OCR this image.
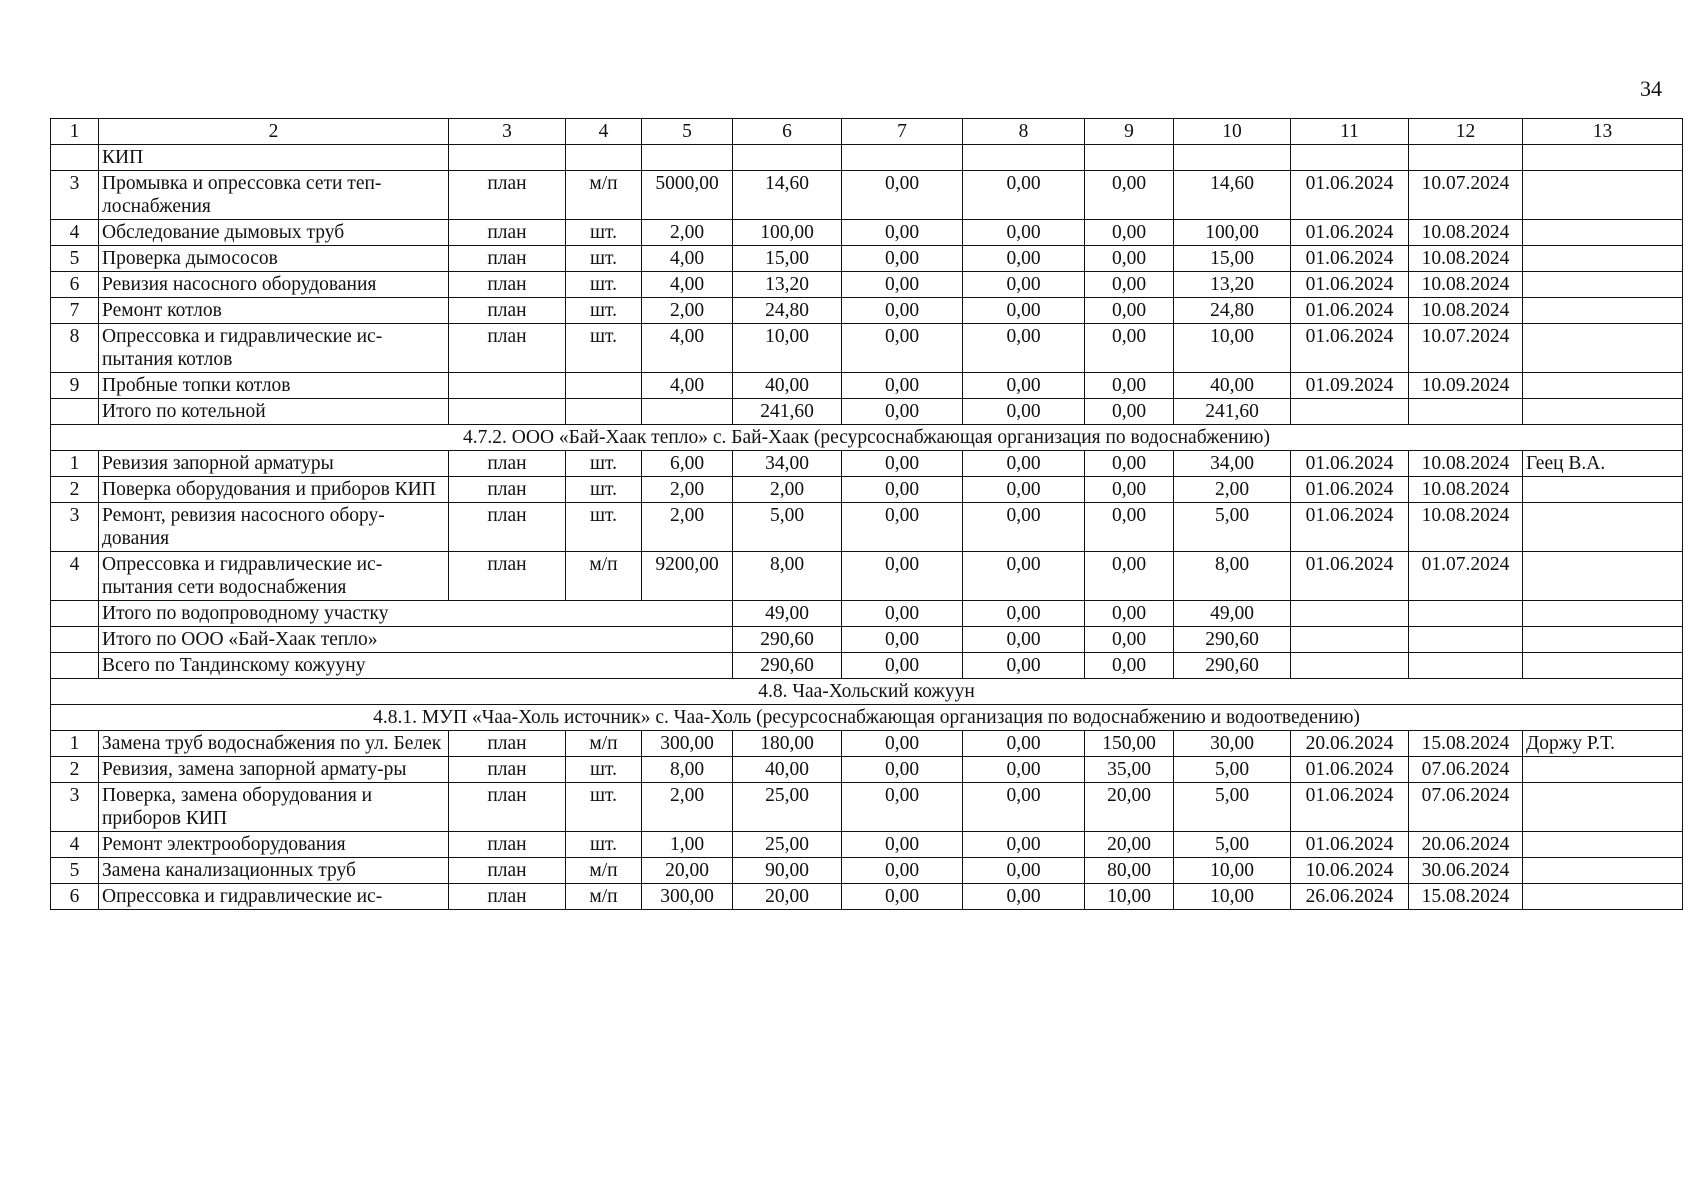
34
1	2	3	4	5	6	7	8	9	10	11	12	13
	КИП											
3	Промывка и опрессовка сети теп-лоснабжения	план	м/п	5000,00	14,60	0,00	0,00	0,00	14,60	01.06.2024	10.07.2024	
4	Обследование дымовых труб	план	шт.	2,00	100,00	0,00	0,00	0,00	100,00	01.06.2024	10.08.2024	
5	Проверка дымососов	план	шт.	4,00	15,00	0,00	0,00	0,00	15,00	01.06.2024	10.08.2024	
6	Ревизия насосного оборудования	план	шт.	4,00	13,20	0,00	0,00	0,00	13,20	01.06.2024	10.08.2024	
7	Ремонт котлов	план	шт.	2,00	24,80	0,00	0,00	0,00	24,80	01.06.2024	10.08.2024	
8	Опрессовка и гидравлические ис-пытания котлов	план	шт.	4,00	10,00	0,00	0,00	0,00	10,00	01.06.2024	10.07.2024	
9	Пробные топки котлов			4,00	40,00	0,00	0,00	0,00	40,00	01.09.2024	10.09.2024	
	Итого по котельной				241,60	0,00	0,00	0,00	241,60			
4.7.2. ООО «Бай-Хаак тепло» с. Бай-Хаак (ресурсоснабжающая организация по водоснабжению)												
1	Ревизия запорной арматуры	план	шт.	6,00	34,00	0,00	0,00	0,00	34,00	01.06.2024	10.08.2024	Геец В.А.
2	Поверка оборудования и приборов КИП	план	шт.	2,00	2,00	0,00	0,00	0,00	2,00	01.06.2024	10.08.2024	
3	Ремонт, ревизия насосного обору-дования	план	шт.	2,00	5,00	0,00	0,00	0,00	5,00	01.06.2024	10.08.2024	
4	Опрессовка и гидравлические ис-пытания сети водоснабжения	план	м/п	9200,00	8,00	0,00	0,00	0,00	8,00	01.06.2024	01.07.2024	
	Итого по водопроводному участку				49,00	0,00	0,00	0,00	49,00			
	Итого по ООО «Бай-Хаак тепло»				290,60	0,00	0,00	0,00	290,60			
	Всего по Тандинскому кожууну				290,60	0,00	0,00	0,00	290,60			
4.8. Чаа-Хольский кожуун												
4.8.1. МУП «Чаа-Холь источник» с. Чаа-Холь (ресурсоснабжающая организация по водоснабжению и водоотведению)												
1	Замена труб водоснабжения по ул. Белек	план	м/п	300,00	180,00	0,00	0,00	150,00	30,00	20.06.2024	15.08.2024	Доржу Р.Т.
2	Ревизия, замена запорной армату-ры	план	шт.	8,00	40,00	0,00	0,00	35,00	5,00	01.06.2024	07.06.2024	
3	Поверка, замена оборудования и приборов КИП	план	шт.	2,00	25,00	0,00	0,00	20,00	5,00	01.06.2024	07.06.2024	
4	Ремонт электрооборудования	план	шт.	1,00	25,00	0,00	0,00	20,00	5,00	01.06.2024	20.06.2024	
5	Замена канализационных труб	план	м/п	20,00	90,00	0,00	0,00	80,00	10,00	10.06.2024	30.06.2024	
6	Опрессовка и гидравлические ис-	план	м/п	300,00	20,00	0,00	0,00	10,00	10,00	26.06.2024	15.08.2024	
